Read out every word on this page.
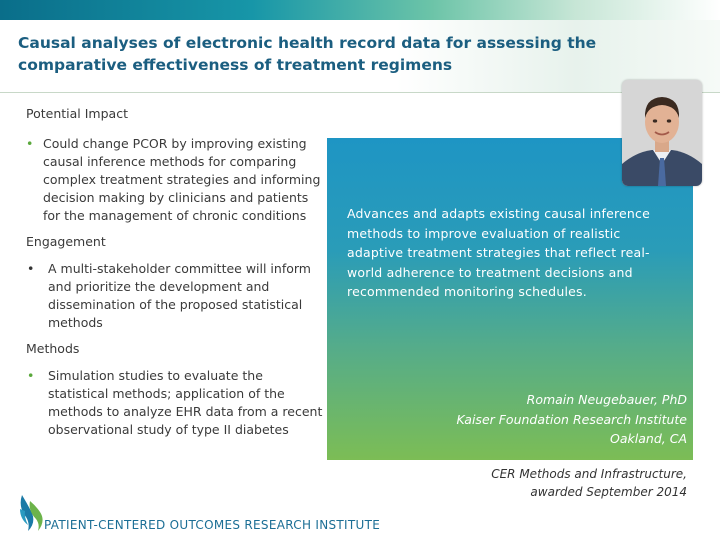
Causal analyses of electronic health record data for assessing the comparative effectiveness of treatment regimens

Potential Impact

• Could change PCOR by improving existing causal inference methods for comparing complex treatment strategies and informing decision making by clinicians and patients for the management of chronic conditions

Engagement

• A multi-stakeholder committee will inform and prioritize the development and dissemination of the proposed statistical methods

Methods

• Simulation studies to evaluate the statistical methods; application of the methods to analyze EHR data from a recent observational study of type II diabetes

Advances and adapts existing causal inference methods to improve evaluation of realistic adaptive treatment strategies that reflect real-world adherence to treatment decisions and recommended monitoring schedules.

Romain Neugebauer, PhD
Kaiser Foundation Research Institute
Oakland, CA
CER Methods and Infrastructure,
awarded September 2014
PATIENT-CENTERED OUTCOMES RESEARCH INSTITUTE
